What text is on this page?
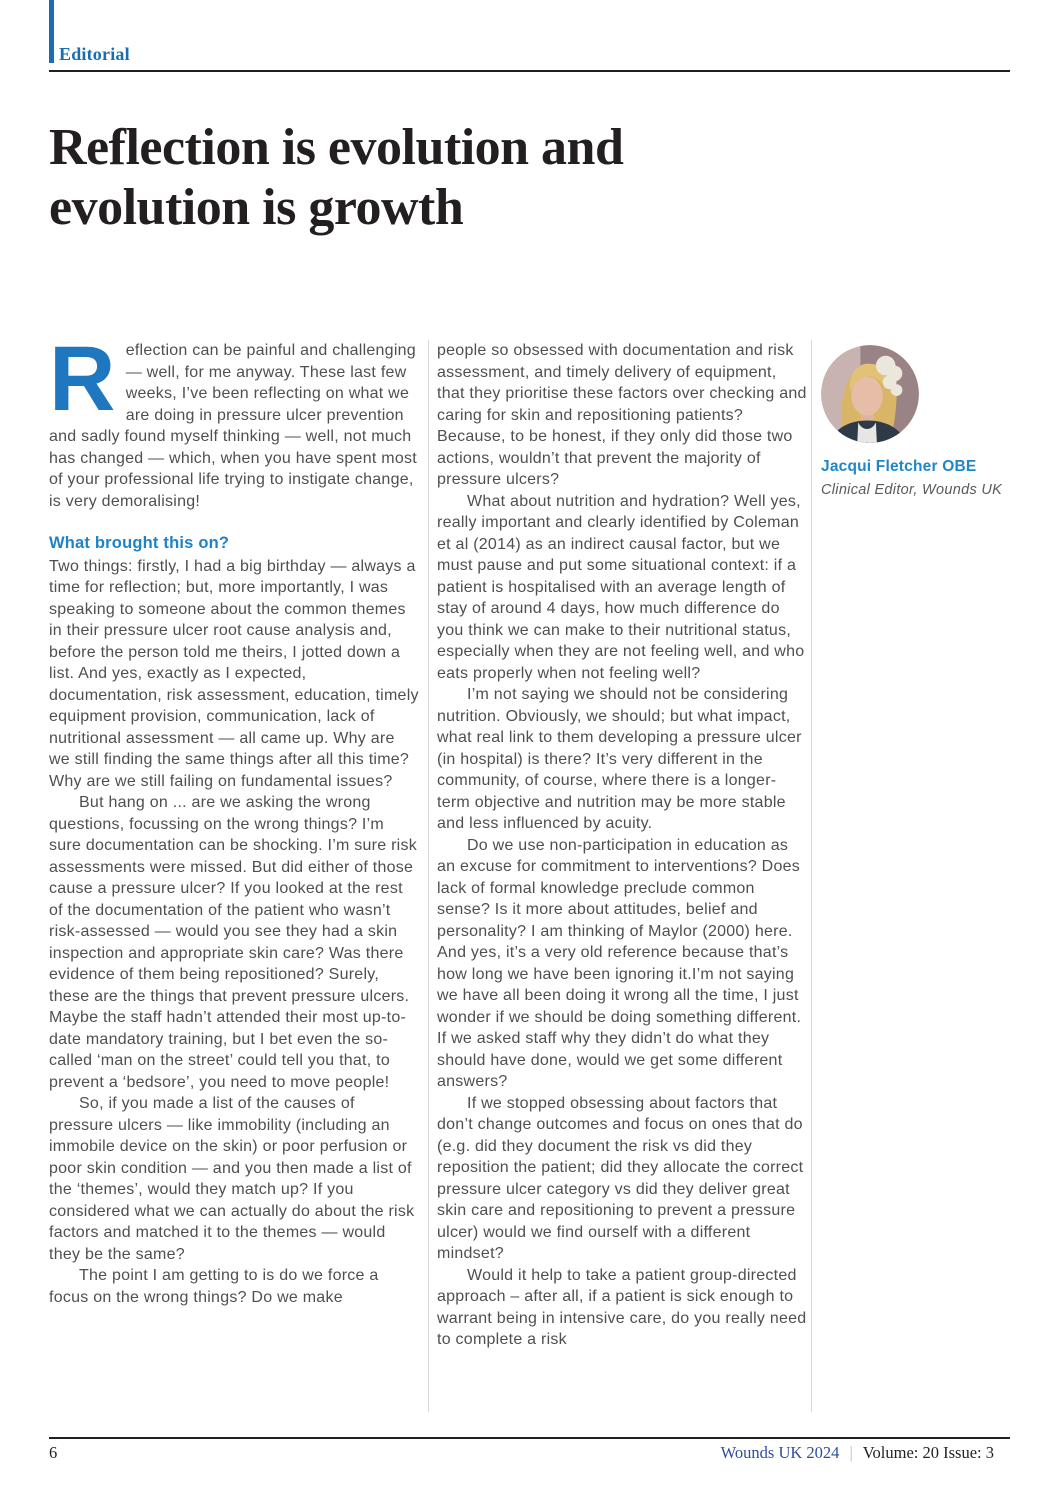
Editorial
Reflection is evolution and
evolution is growth

Reflection can be painful and challenging — well, for me anyway. These last few weeks, I’ve been reflecting on what we are doing in pressure ulcer prevention and sadly found myself thinking — well, not much has changed — which, when you have spent most of your professional life trying to instigate change, is very demoralising!

What brought this on?

Two things: firstly, I had a big birthday — always a time for reflection; but, more importantly, I was speaking to someone about the common themes in their pressure ulcer root cause analysis and, before the person told me theirs, I jotted down a list. And yes, exactly as I expected, documentation, risk assessment, education, timely equipment provision, communication, lack of nutritional assessment — all came up. Why are we still finding the same things after all this time? Why are we still failing on fundamental issues?

But hang on ... are we asking the wrong questions, focussing on the wrong things? I’m sure documentation can be shocking. I’m sure risk assessments were missed. But did either of those cause a pressure ulcer? If you looked at the rest of the documentation of the patient who wasn’t risk-assessed — would you see they had a skin inspection and appropriate skin care? Was there evidence of them being repositioned? Surely, these are the things that prevent pressure ulcers. Maybe the staff hadn’t attended their most up-to-date mandatory training, but I bet even the so-called ‘man on the street’ could tell you that, to prevent a ‘bedsore’, you need to move people!

So, if you made a list of the causes of pressure ulcers — like immobility (including an immobile device on the skin) or poor perfusion or poor skin condition — and you then made a list of the ‘themes’, would they match up? If you considered what we can actually do about the risk factors and matched it to the themes — would they be the same?

The point I am getting to is do we force a focus on the wrong things? Do we make

people so obsessed with documentation and risk assessment, and timely delivery of equipment, that they prioritise these factors over checking and caring for skin and repositioning patients? Because, to be honest, if they only did those two actions, wouldn’t that prevent the majority of pressure ulcers?

What about nutrition and hydration? Well yes, really important and clearly identified by Coleman et al (2014) as an indirect causal factor, but we must pause and put some situational context: if a patient is hospitalised with an average length of stay of around 4 days, how much difference do you think we can make to their nutritional status, especially when they are not feeling well, and who eats properly when not feeling well?

I’m not saying we should not be considering nutrition. Obviously, we should; but what impact, what real link to them developing a pressure ulcer (in hospital) is there? It’s very different in the community, of course, where there is a longer-term objective and nutrition may be more stable and less influenced by acuity.

Do we use non-participation in education as an excuse for commitment to interventions? Does lack of formal knowledge preclude common sense? Is it more about attitudes, belief and personality? I am thinking of Maylor (2000) here. And yes, it’s a very old reference because that’s how long we have been ignoring it.I’m not saying we have all been doing it wrong all the time, I just wonder if we should be doing something different. If we asked staff why they didn’t do what they should have done, would we get some different answers?

If we stopped obsessing about factors that don’t change outcomes and focus on ones that do (e.g. did they document the risk vs did they reposition the patient; did they allocate the correct pressure ulcer category vs did they deliver great skin care and repositioning to prevent a pressure ulcer) would we find ourself with a different mindset?

Would it help to take a patient group-directed approach – after all, if a patient is sick enough to warrant being in intensive care, do you really need to complete a risk

Jacqui Fletcher OBE
Clinical Editor, Wounds UK
6	Wounds UK 2024 | Volume: 20 Issue: 3
